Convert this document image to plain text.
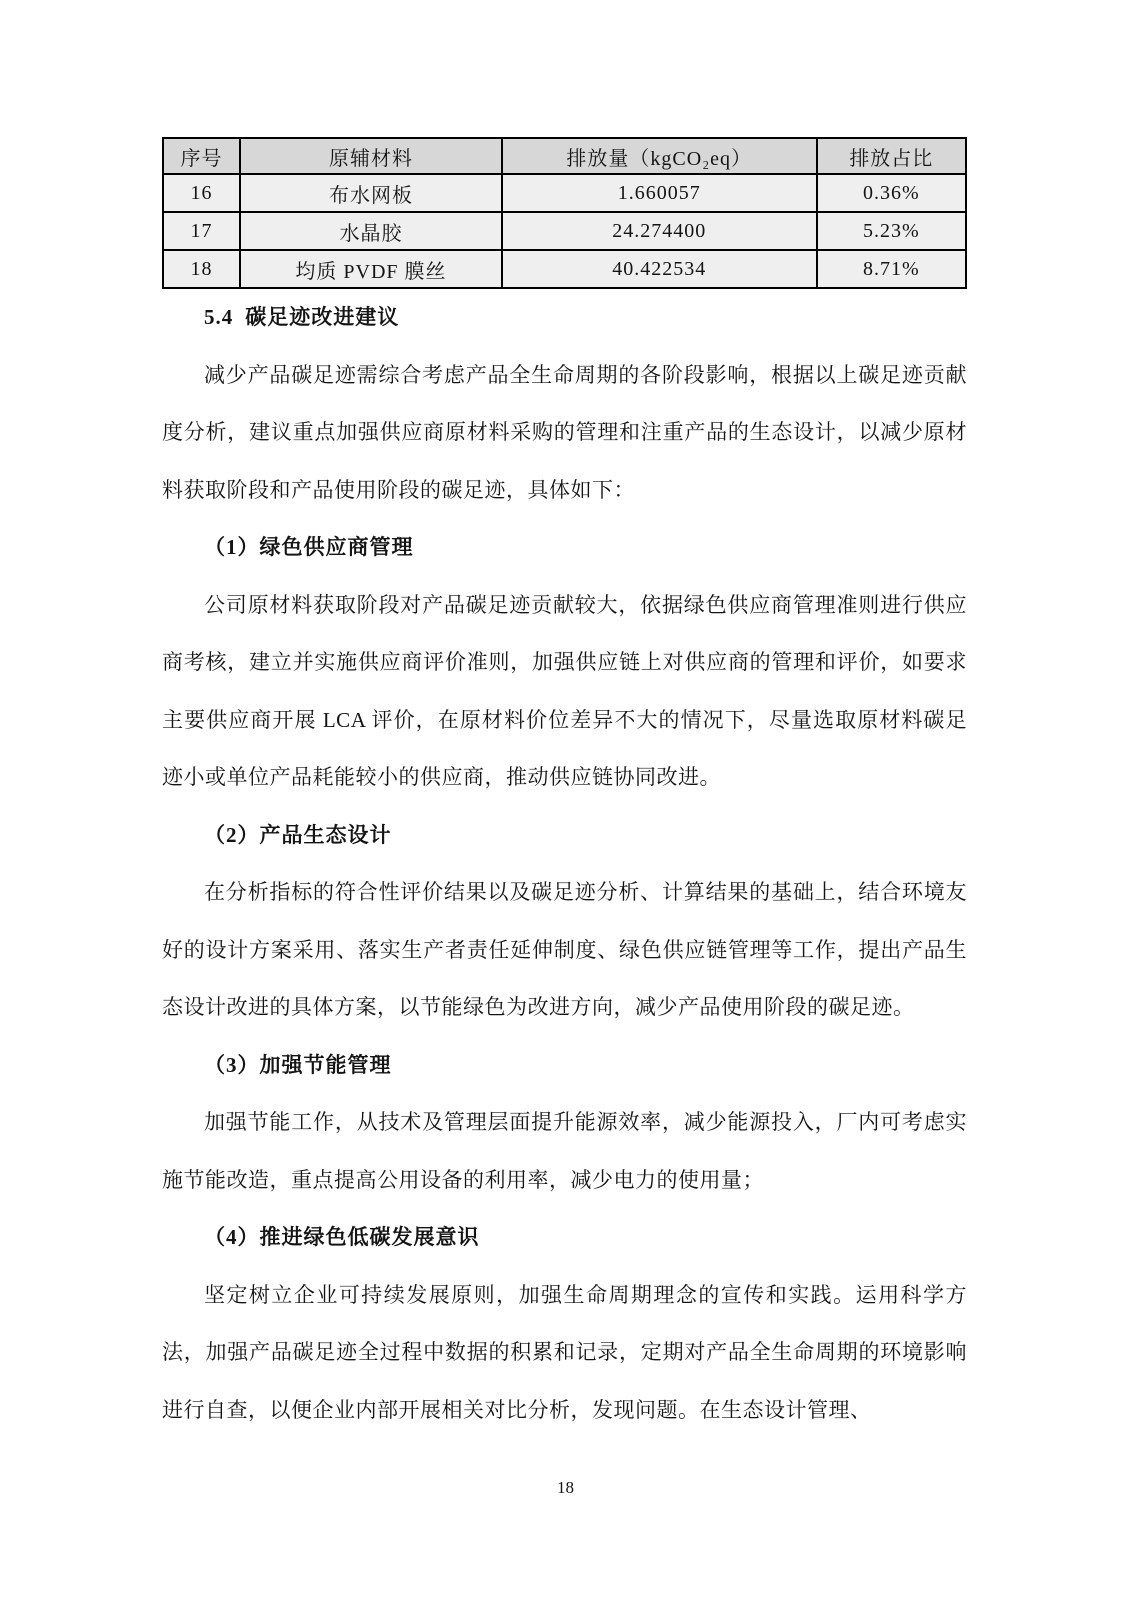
序号	原辅材料	排放量（kgCO₂eq）	排放占比
16	布水网板	1.660057	0.36%
17	水晶胶	24.274400	5.23%
18	均质 PVDF 膜丝	40.422534	8.71%
5.4 碳足迹改进建议

减少产品碳足迹需综合考虑产品全生命周期的各阶段影响，根据以上碳足迹贡献度分析，建议重点加强供应商原材料采购的管理和注重产品的生态设计，以减少原材料获取阶段和产品使用阶段的碳足迹，具体如下：

（1）绿色供应商管理

公司原材料获取阶段对产品碳足迹贡献较大，依据绿色供应商管理准则进行供应商考核，建立并实施供应商评价准则，加强供应链上对供应商的管理和评价，如要求主要供应商开展 LCA 评价，在原材料价位差异不大的情况下，尽量选取原材料碳足迹小或单位产品耗能较小的供应商，推动供应链协同改进。

（2）产品生态设计

在分析指标的符合性评价结果以及碳足迹分析、计算结果的基础上，结合环境友好的设计方案采用、落实生产者责任延伸制度、绿色供应链管理等工作，提出产品生态设计改进的具体方案，以节能绿色为改进方向，减少产品使用阶段的碳足迹。

（3）加强节能管理

加强节能工作，从技术及管理层面提升能源效率，减少能源投入，厂内可考虑实施节能改造，重点提高公用设备的利用率，减少电力的使用量；

（4）推进绿色低碳发展意识

坚定树立企业可持续发展原则，加强生命周期理念的宣传和实践。运用科学方法，加强产品碳足迹全过程中数据的积累和记录，定期对产品全生命周期的环境影响进行自查，以便企业内部开展相关对比分析，发现问题。在生态设计管理、

18
